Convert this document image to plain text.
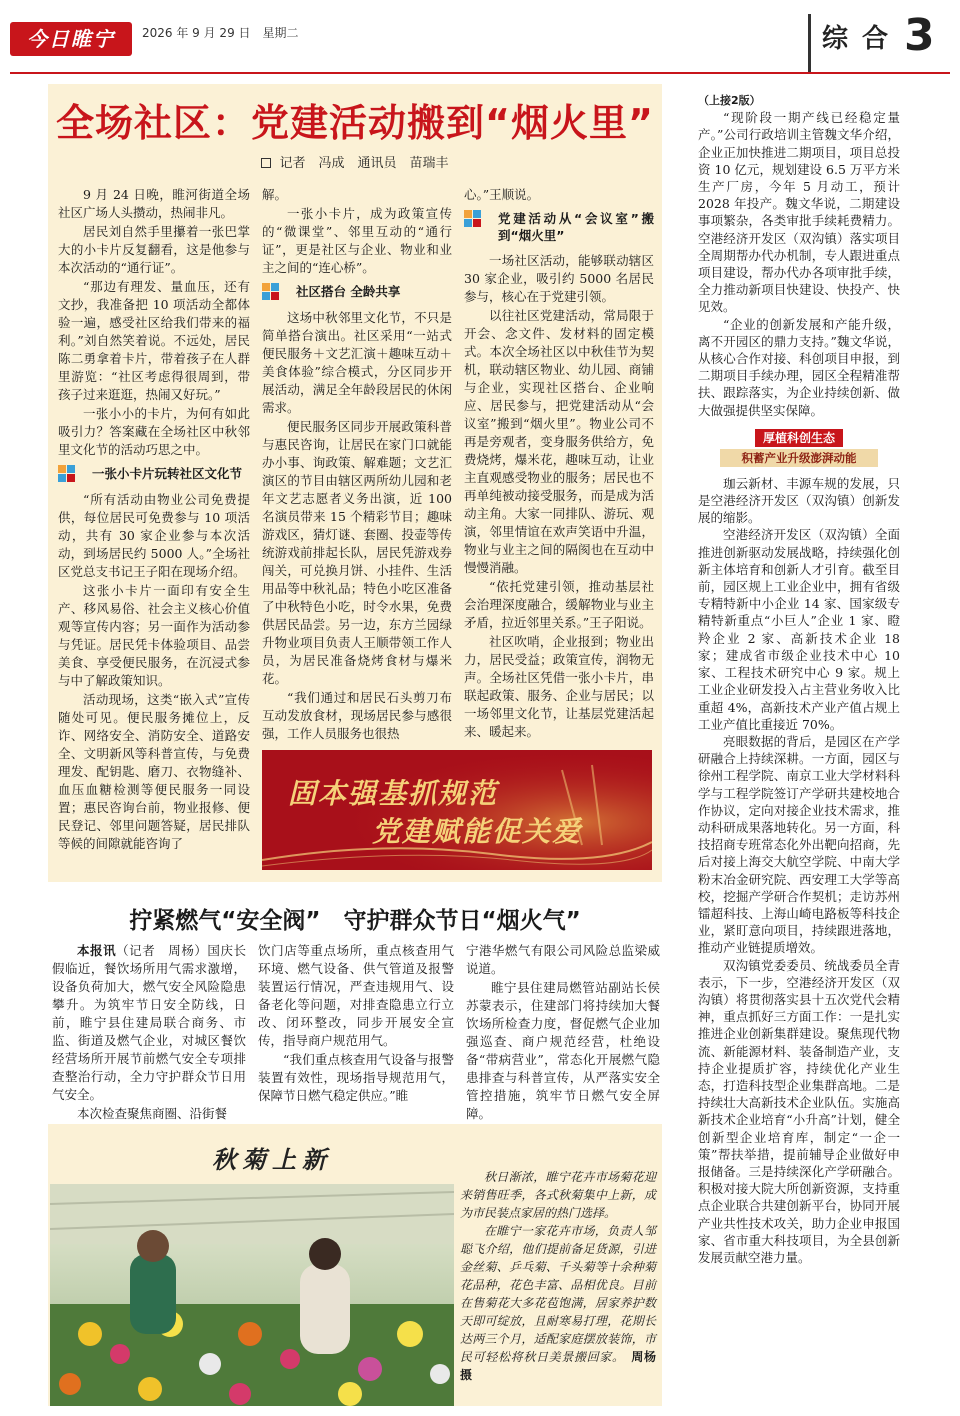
今日睢宁	2026 年 9 月 29 日　星期二	综合 3
全场社区：党建活动搬到“烟火里”
记者　冯成　通讯员　苗瑞丰

9 月 24 日晚，睢河街道全场社区广场人头攒动，热闹非凡。

居民刘自然手里攥着一张巴掌大的小卡片反复翻看，这是他参与本次活动的“通行证”。

“那边有理发、量血压，还有文抄，我准备把 10 项活动全都体验一遍，感受社区给我们带来的福利。”刘自然笑着说。不远处，居民陈二勇拿着卡片，带着孩子在人群里游览：“社区考虑得很周到，带孩子过来逛逛，热闹又好玩。”

一张小小的卡片，为何有如此吸引力？答案藏在全场社区中秋邻里文化节的活动巧思之中。

一张小卡片玩转社区文化节

“所有活动由物业公司免费提供，每位居民可免费参与 10 项活动，共有 30 家企业参与本次活动，到场居民约 5000 人。”全场社区党总支书记王子阳在现场介绍。

这张小卡片一面印有安全生产、移风易俗、社会主义核心价值观等宣传内容；另一面作为活动参与凭证。居民凭卡体验项目、品尝美食、享受便民服务，在沉浸式参与中了解政策知识。

活动现场，这类“嵌入式”宣传随处可见。便民服务摊位上，反诈、网络安全、消防安全、道路安全、文明新风等科普宣传，与免费理发、配钥匙、磨刀、衣物缝补、血压血糖检测等便民服务一同设置；惠民咨询台前，物业报修、便民登记、邻里问题答疑，居民排队等候的间隙就能咨询了

解。

一张小卡片，成为政策宣传的“微课堂”、邻里互动的“通行证”，更是社区与企业、物业和业主之间的“连心桥”。

社区搭台 全龄共享

这场中秋邻里文化节，不只是简单搭台演出。社区采用“一站式便民服务＋文艺汇演＋趣味互动＋美食体验”综合模式，分区同步开展活动，满足全年龄段居民的休闲需求。

便民服务区同步开展政策科普与惠民咨询，让居民在家门口就能办小事、询政策、解难题；文艺汇演区的节目由辖区两所幼儿园和老年文艺志愿者义务出演，近 100 名演员带来 15 个精彩节目；趣味游戏区，猜灯谜、套圈、投壶等传统游戏前排起长队，居民凭游戏券闯关，可兑换月饼、小挂件、生活用品等中秋礼品；特色小吃区准备了中秋特色小吃，时令水果，免费供居民品尝。另一边，东方兰园绿升物业项目负责人王顺带领工作人员，为居民准备烧烤食材与爆米花。

“我们通过和居民石头剪刀布互动发放食材，现场居民参与感很强，工作人员服务也很热

心。”王顺说。

党建活动从“会议室”搬到“烟火里”

一场社区活动，能够联动辖区 30 家企业，吸引约 5000 名居民参与，核心在于党建引领。

以往社区党建活动，常局限于开会、念文件、发材料的固定模式。本次全场社区以中秋佳节为契机，联动辖区物业、幼儿园、商铺与企业，实现社区搭台、企业响应、居民参与，把党建活动从“会议室”搬到“烟火里”。物业公司不再是旁观者，变身服务供给方，免费烧烤，爆米花，趣味互动，让业主直观感受物业的服务；居民也不再单纯被动接受服务，而是成为活动主角。大家一同排队、游玩、观演，邻里情谊在欢声笑语中升温，物业与业主之间的隔阂也在互动中慢慢消融。

“依托党建引领，推动基层社会治理深度融合，缓解物业与业主矛盾，拉近邻里关系。”王子阳说。

社区吹哨，企业报到；物业出力，居民受益；政策宣传，润物无声。全场社区凭借一张小卡片，串联起政策、服务、企业与居民；以一场邻里文化节，让基层党建活起来、暖起来。

固本强基抓规范
党建赋能促关爱
拧紧燃气“安全阀”　守护群众节日“烟火气”

本报讯（记者　周杨）国庆长假临近，餐饮场所用气需求激增，设备负荷加大，燃气安全风险隐患攀升。为筑牢节日安全防线，日前，睢宁县住建局联合商务、市监、街道及燃气企业，对城区餐饮经营场所开展节前燃气安全专项排查整治行动，全力守护群众节日用气安全。

本次检查聚焦商圈、沿街餐

饮门店等重点场所，重点核查用气环境、燃气设备、供气管道及报警装置运行情况，严查违规用气、设备老化等问题，对排查隐患立行立改、闭环整改，同步开展安全宣传，指导商户规范用气。

“我们重点核查用气设备与报警装置有效性，现场指导规范用气，保障节日燃气稳定供应。”睢

宁港华燃气有限公司风险总监梁威说道。

睢宁县住建局燃管站副站长侯苏蒙表示，住建部门将持续加大餐饮场所检查力度，督促燃气企业加强巡查、商户规范经营，杜绝设备“带病营业”，常态化开展燃气隐患排查与科普宣传，从严落实安全管控措施，筑牢节日燃气安全屏障。

秋菊上新

秋日渐浓，睢宁花卉市场菊花迎来销售旺季，各式秋菊集中上新，成为市民装点家居的热门选择。

在睢宁一家花卉市场，负责人邹聪飞介绍，他们提前备足货源，引进金丝菊、乒乓菊、千头菊等十余种菊花品种，花色丰富、品相优良。目前在售菊花大多花苞饱满，居家养护数天即可绽放，且耐寒易打理，花期长达两三个月，适配家庭摆放装饰，市民可轻松将秋日美景搬回家。　 周杨摄

（上接2版）

“现阶段一期产线已经稳定量产。”公司行政培训主管魏文华介绍，企业正加快推进二期项目，项目总投资 10 亿元，规划建设 6.5 万平方米生产厂房，今年 5 月动工，预计 2028 年投产。魏文华说，二期建设事项繁杂，各类审批手续耗费精力。空港经济开发区（双沟镇）落实项目全周期帮办代办机制，专人跟进重点项目建设，帮办代办各项审批手续，全力推动新项目快建设、快投产、快见效。

“企业的创新发展和产能升级，离不开园区的鼎力支持。”魏文华说，从核心合作对接、科创项目申报，到二期项目手续办理，园区全程精准帮扶、跟踪落实，为企业持续创新、做大做强提供坚实保障。

厚植科创生态
积蓄产业升级澎湃动能

珈云新材、丰源车规的发展，只是空港经济开发区（双沟镇）创新发展的缩影。

空港经济开发区（双沟镇）全面推进创新驱动发展战略，持续强化创新主体培育和创新人才引育。截至目前，园区规上工业企业中，拥有省级专精特新中小企业 14 家、国家级专精特新重点“小巨人”企业 1 家、瞪羚企业 2 家、高新技术企业 18 家；建成省市级企业技术中心 10 家、工程技术研究中心 9 家。规上工业企业研发投入占主营业务收入比重超 4%，高新技术产业产值占规上工业产值比重接近 70%。

亮眼数据的背后，是园区在产学研融合上持续深耕。一方面，园区与徐州工程学院、南京工业大学材料科学与工程学院签订产学研共建校地合作协议，定向对接企业技术需求，推动科研成果落地转化。另一方面，科技招商专班常态化外出靶向招商，先后对接上海交大航空学院、中南大学粉末冶金研究院、西安理工大学等高校，挖掘产学研合作契机；走访苏州镭超科技、上海山崎电路板等科技企业，紧盯意向项目，持续跟进落地，推动产业链提质增效。

双沟镇党委委员、统战委员全青表示，下一步，空港经济开发区（双沟镇）将贯彻落实县十五次党代会精神，重点抓好三方面工作：一是扎实推进企业创新集群建设。聚焦现代物流、新能源材料、装备制造产业，支持企业提质扩容，持续优化产业生态，打造科技型企业集群高地。二是持续壮大高新技术企业队伍。实施高新技术企业培育“小升高”计划，健全创新型企业培育库，制定“一企一策”帮扶举措，提前辅导企业做好申报储备。三是持续深化产学研融合。积极对接大院大所创新资源，支持重点企业联合共建创新平台，协同开展产业共性技术攻关，助力企业申报国家、省市重大科技项目，为全县创新发展贡献空港力量。
